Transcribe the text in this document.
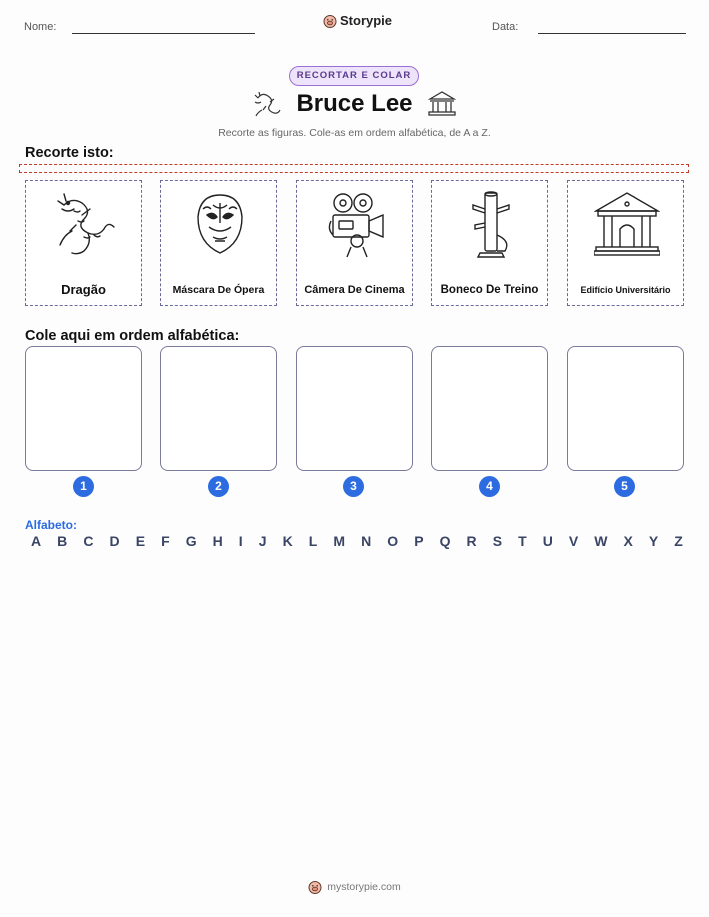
Nome:	Storypie	Data:
RECORTAR E COLAR
Bruce Lee
Recorte as figuras. Cole-as em ordem alfabética, de A a Z.
Recorte isto:
Dragão	Máscara De Ópera	Câmera De Cinema	Boneco De Treino	Edifício Universitário
Cole aqui em ordem alfabética:
1	2	3	4	5
Alfabeto:
A B C D E F G H I J K L M N O P Q R S T U V W X Y Z
mystorypie.com
